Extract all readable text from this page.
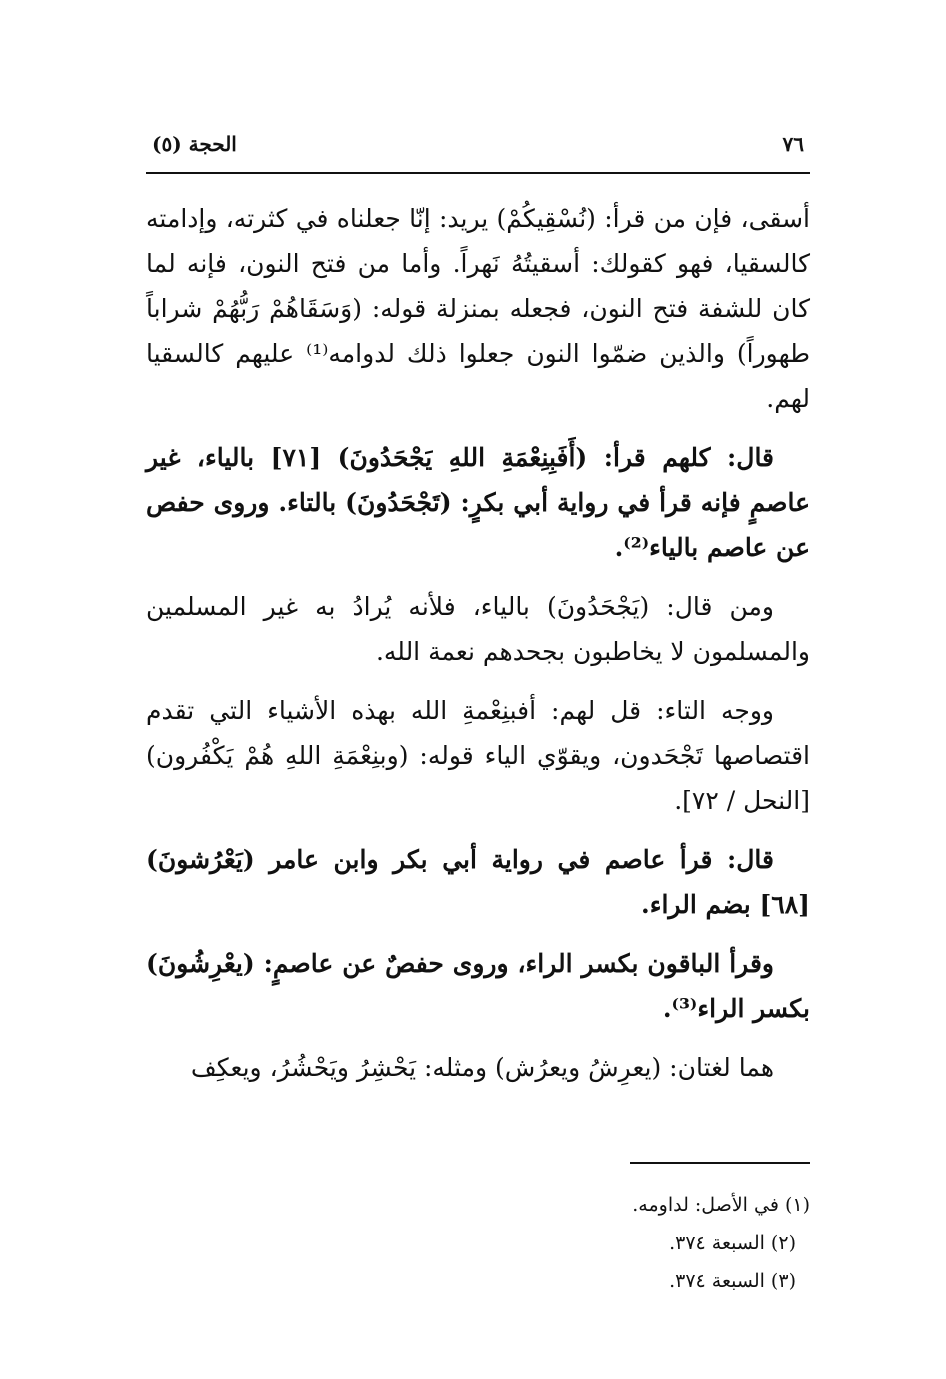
٧٦
الحجة (٥)

أسقى، فإن من قرأ: (نُسْقِيكُمْ) يريد: إنّا جعلناه في كثرته، وإدامته كالسقيا، فهو كقولك: أسقيتُهُ نَهراً. وأما من فتح النون، فإنه لما كان للشفة فتح النون، فجعله بمنزلة قوله: (وَسَقَاهُمْ رَبُّهُمْ شراباً طهوراً) والذين ضمّوا النون جعلوا ذلك لدوامه⁽¹⁾ عليهم كالسقيا لهم.

قال: كلهم قرأ: (أَفَبِنِعْمَةِ اللهِ يَجْحَدُونَ) [٧١] بالياء، غير عاصمٍ فإنه قرأ في رواية أبي بكرٍ: (تَجْحَدُونَ) بالتاء. وروى حفص عن عاصم بالياء⁽²⁾.

ومن قال: (يَجْحَدُونَ) بالياء، فلأنه يُرادُ به غير المسلمين والمسلمون لا يخاطبون بجحدهم نعمة الله.

ووجه التاء: قل لهم: أفبنِعْمةِ الله بهذه الأشياء التي تقدم اقتصاصها تَجْحَدون، ويقوّي الياء قوله: (وبنِعْمَةِ اللهِ هُمْ يَكْفُرون) [النحل / ٧٢].

قال: قرأ عاصم في رواية أبي بكر وابن عامر (يَعْرُشونَ) [٦٨] بضم الراء.

وقرأ الباقون بكسر الراء، وروى حفصٌ عن عاصمٍ: (يعْرِشُونَ) بكسر الراء⁽³⁾.

هما لغتان: (يعرِشُ ويعرُش) ومثله: يَحْشِرُ ويَحْشُرُ، ويعكِف

(١) في الأصل: لداومه.

(٢) السبعة ٣٧٤.

(٣) السبعة ٣٧٤.
